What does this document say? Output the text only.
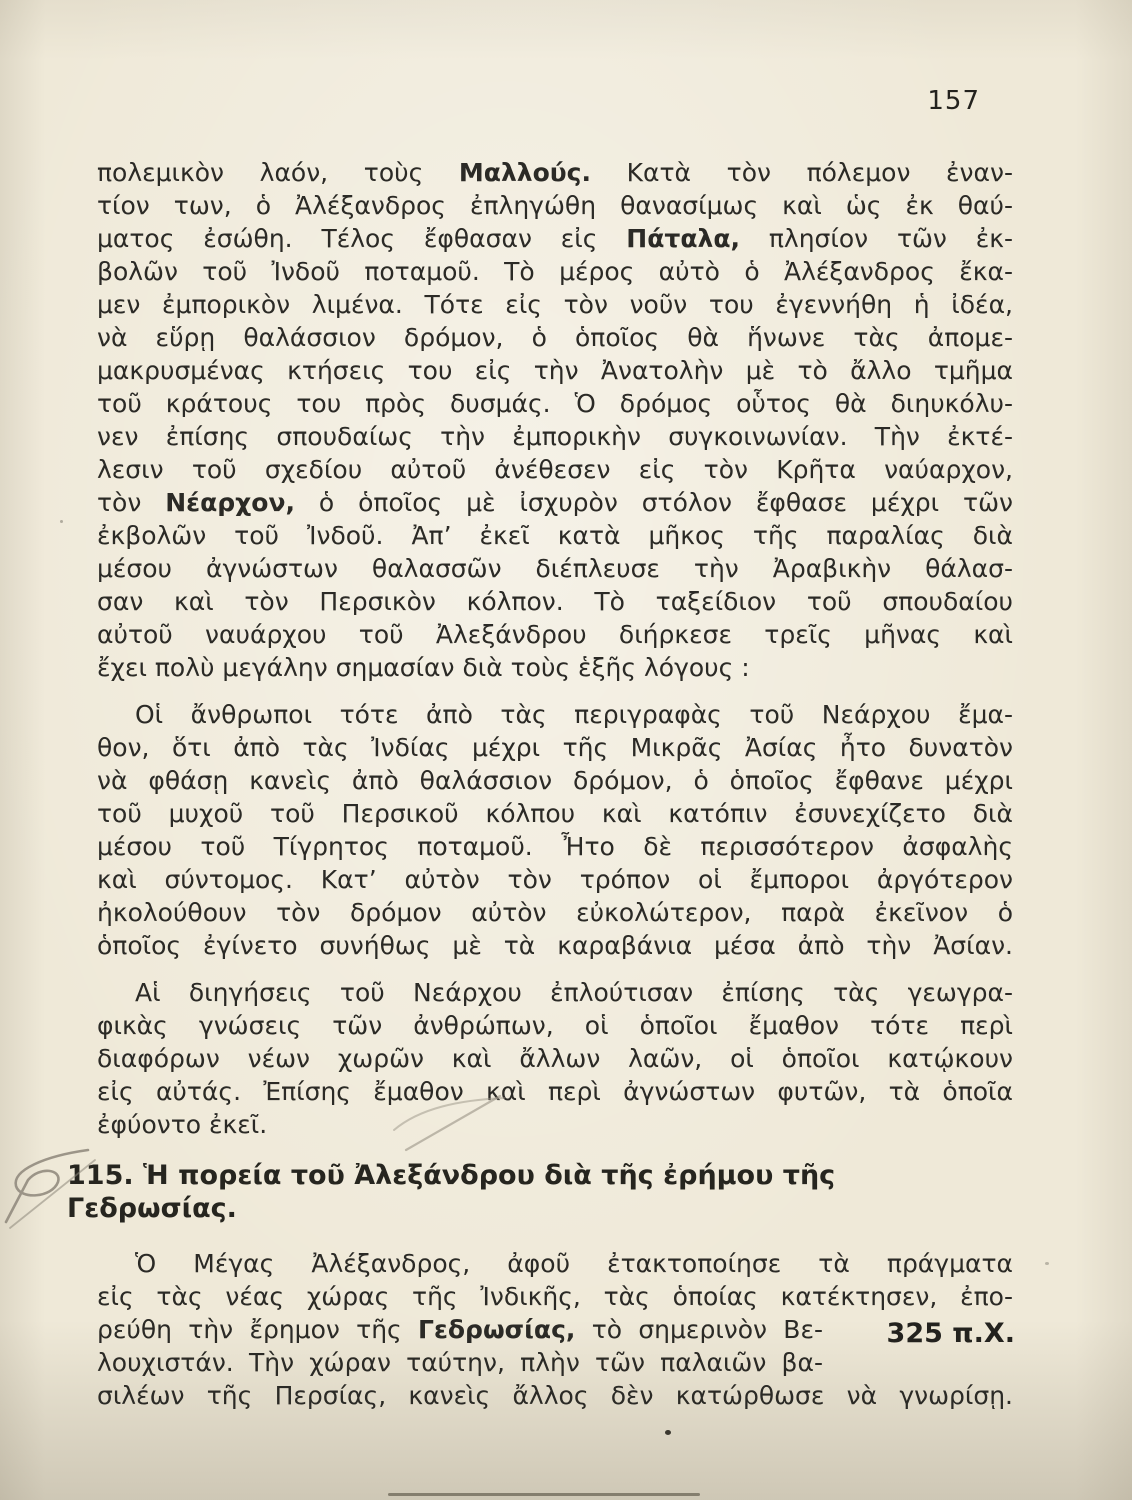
157
πολεμικὸν λαόν, τοὺς Μαλλούς. Κατὰ τὸν πόλεμον ἐναν-
τίον των, ὁ Ἀλέξανδρος ἐπληγώθη θανασίμως καὶ ὡς ἐκ θαύ-
ματος ἐσώθη. Τέλος ἔφθασαν εἰς Πάταλα, πλησίον τῶν ἐκ-
βολῶν τοῦ Ἰνδοῦ ποταμοῦ. Τὸ μέρος αὐτὸ ὁ Ἀλέξανδρος ἔκα-
μεν ἐμπορικὸν λιμένα. Τότε εἰς τὸν νοῦν του ἐγεννήθη ἡ ἰδέα,
νὰ εὕρῃ θαλάσσιον δρόμον, ὁ ὁποῖος θὰ ἥνωνε τὰς ἀπομε-
μακρυσμένας κτήσεις του εἰς τὴν Ἀνατολὴν μὲ τὸ ἄλλο τμῆμα
τοῦ κράτους του πρὸς δυσμάς. Ὁ δρόμος οὗτος θὰ διηυκόλυ-
νεν ἐπίσης σπουδαίως τὴν ἐμπορικὴν συγκοινωνίαν. Τὴν ἐκτέ-
λεσιν τοῦ σχεδίου αὐτοῦ ἀνέθεσεν εἰς τὸν Κρῆτα ναύαρχον,
τὸν Νέαρχον, ὁ ὁποῖος μὲ ἰσχυρὸν στόλον ἔφθασε μέχρι τῶν
ἐκβολῶν τοῦ Ἰνδοῦ. Ἀπ’ ἐκεῖ κατὰ μῆκος τῆς παραλίας διὰ
μέσου ἀγνώστων θαλασσῶν διέπλευσε τὴν Ἀραβικὴν θάλασ-
σαν καὶ τὸν Περσικὸν κόλπον. Τὸ ταξείδιον τοῦ σπουδαίου
αὐτοῦ ναυάρχου τοῦ Ἀλεξάνδρου διήρκεσε τρεῖς μῆνας καὶ
ἔχει πολὺ μεγάλην σημασίαν διὰ τοὺς ἑξῆς λόγους :
Οἱ ἄνθρωποι τότε ἀπὸ τὰς περιγραφὰς τοῦ Νεάρχου ἔμα-
θον, ὅτι ἀπὸ τὰς Ἰνδίας μέχρι τῆς Μικρᾶς Ἀσίας ἦτο δυνατὸν
νὰ φθάσῃ κανεὶς ἀπὸ θαλάσσιον δρόμον, ὁ ὁποῖος ἔφθανε μέχρι
τοῦ μυχοῦ τοῦ Περσικοῦ κόλπου καὶ κατόπιν ἐσυνεχίζετο διὰ
μέσου τοῦ Τίγρητος ποταμοῦ. Ἦτο δὲ περισσότερον ἀσφαλὴς
καὶ σύντομος. Κατ’ αὐτὸν τὸν τρόπον οἱ ἔμποροι ἀργότερον
ἠκολούθουν τὸν δρόμον αὐτὸν εὐκολώτερον, παρὰ ἐκεῖνον ὁ
ὁποῖος ἐγίνετο συνήθως μὲ τὰ καραβάνια μέσα ἀπὸ τὴν Ἀσίαν.
Αἱ διηγήσεις τοῦ Νεάρχου ἐπλούτισαν ἐπίσης τὰς γεωγρα-
φικὰς γνώσεις τῶν ἀνθρώπων, οἱ ὁποῖοι ἔμαθον τότε περὶ
διαφόρων νέων χωρῶν καὶ ἄλλων λαῶν, οἱ ὁποῖοι κατῴκουν
εἰς αὐτάς. Ἐπίσης ἔμαθον καὶ περὶ ἀγνώστων φυτῶν, τὰ ὁποῖα
ἐφύοντο ἐκεῖ.
115. Ἡ πορεία τοῦ Ἀλεξάνδρου διὰ τῆς ἐρήμου τῆς Γεδρωσίας.
Ὁ Μέγας Ἀλέξανδρος, ἀφοῦ ἐτακτοποίησε τὰ πράγματα
εἰς τὰς νέας χώρας τῆς Ἰνδικῆς, τὰς ὁποίας κατέκτησεν, ἐπο-
ρεύθη τὴν ἔρημον τῆς Γεδρωσίας, τὸ σημερινὸν Βε-
λουχιστάν. Τὴν χώραν ταύτην, πλὴν τῶν παλαιῶν βα-
σιλέων τῆς Περσίας, κανεὶς ἄλλος δὲν κατώρθωσε νὰ γνωρίσῃ.
325 π.Χ.
